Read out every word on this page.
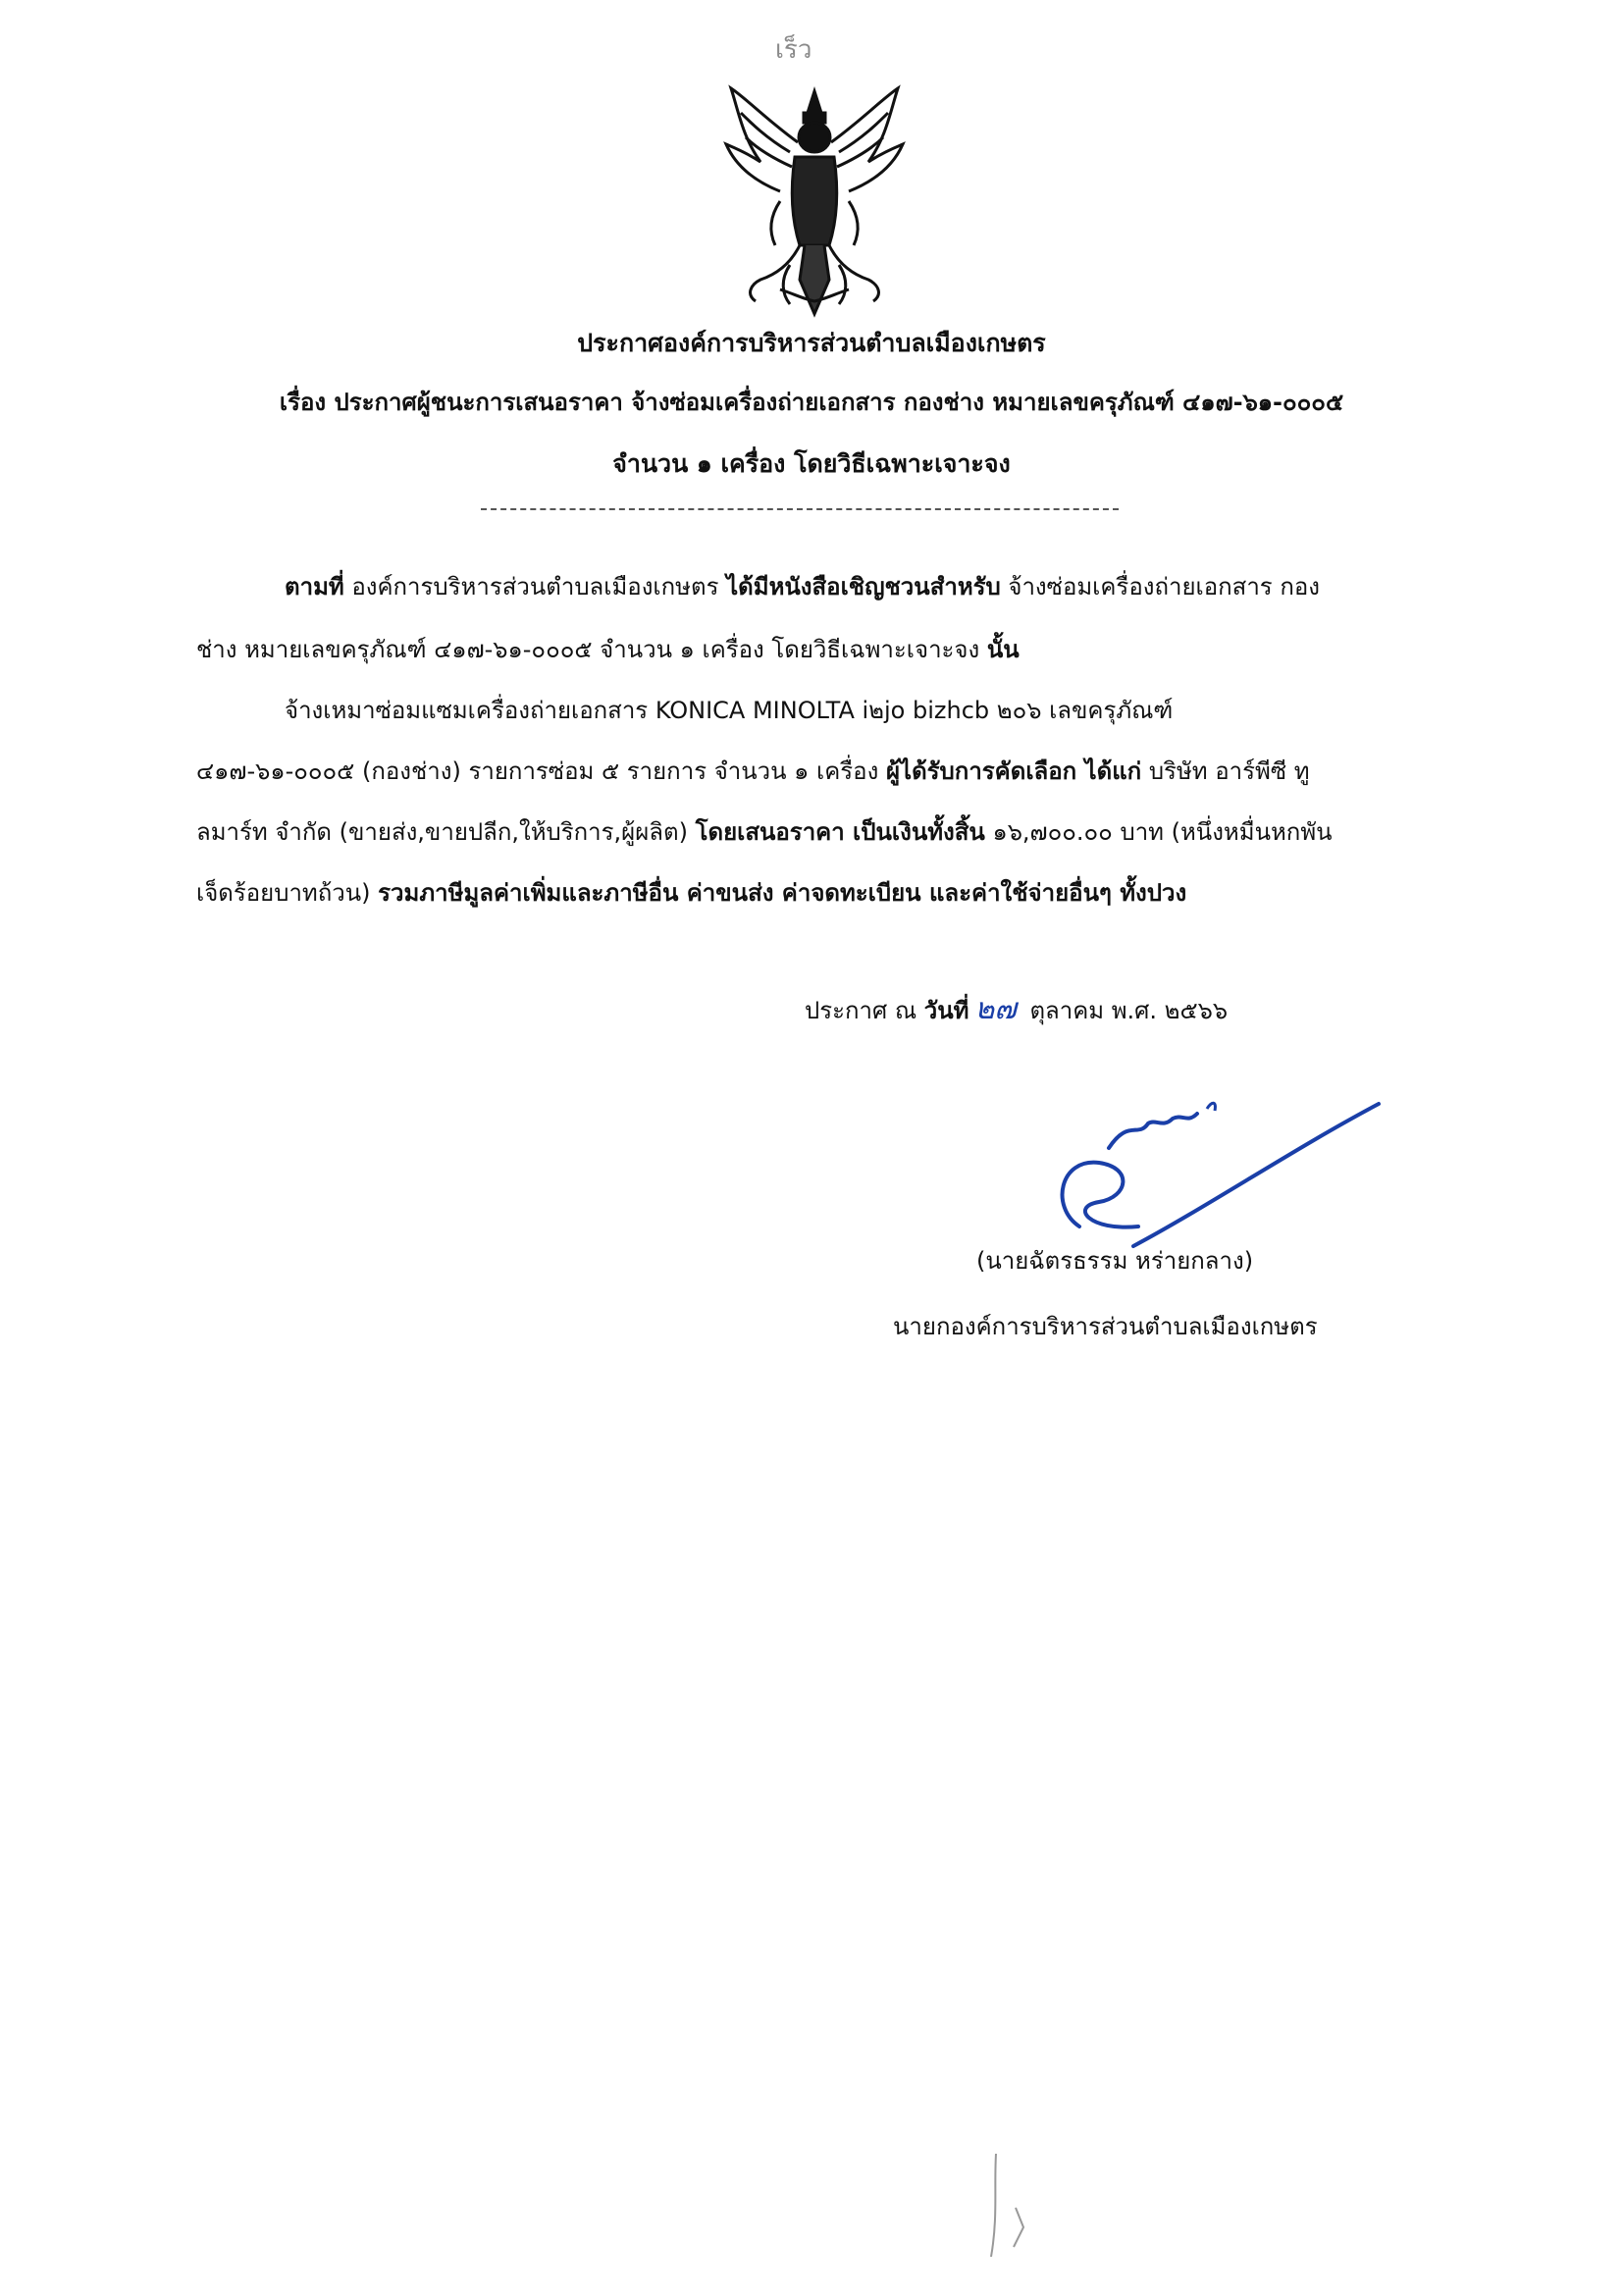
เร็ว
ประกาศองค์การบริหารส่วนตำบลเมืองเกษตร
เรื่อง ประกาศผู้ชนะการเสนอราคา จ้างซ่อมเครื่องถ่ายเอกสาร กองช่าง หมายเลขครุภัณฑ์ ๔๑๗-๖๑-๐๐๐๕
จำนวน ๑ เครื่อง โดยวิธีเฉพาะเจาะจง
ตามที่ องค์การบริหารส่วนตำบลเมืองเกษตร ได้มีหนังสือเชิญชวนสำหรับ จ้างซ่อมเครื่องถ่ายเอกสาร กอง
ช่าง หมายเลขครุภัณฑ์ ๔๑๗-๖๑-๐๐๐๕ จำนวน ๑ เครื่อง โดยวิธีเฉพาะเจาะจง นั้น
จ้างเหมาซ่อมแซมเครื่องถ่ายเอกสาร KONICA MINOLTA i๒jo bizhcb ๒๐๖ เลขครุภัณฑ์
๔๑๗-๖๑-๐๐๐๕ (กองช่าง) รายการซ่อม ๕ รายการ จำนวน ๑ เครื่อง ผู้ได้รับการคัดเลือก ได้แก่ บริษัท อาร์พีซี ทู
ลมาร์ท จำกัด (ขายส่ง,ขายปลีก,ให้บริการ,ผู้ผลิต) โดยเสนอราคา เป็นเงินทั้งสิ้น ๑๖,๗๐๐.๐๐ บาท (หนึ่งหมื่นหกพัน
เจ็ดร้อยบาทถ้วน) รวมภาษีมูลค่าเพิ่มและภาษีอื่น ค่าขนส่ง ค่าจดทะเบียน และค่าใช้จ่ายอื่นๆ ทั้งปวง
ประกาศ ณ วันที่ ๒๗ ตุลาคม พ.ศ. ๒๕๖๖
(นายฉัตรธรรม หร่ายกลาง)
นายกองค์การบริหารส่วนตำบลเมืองเกษตร
